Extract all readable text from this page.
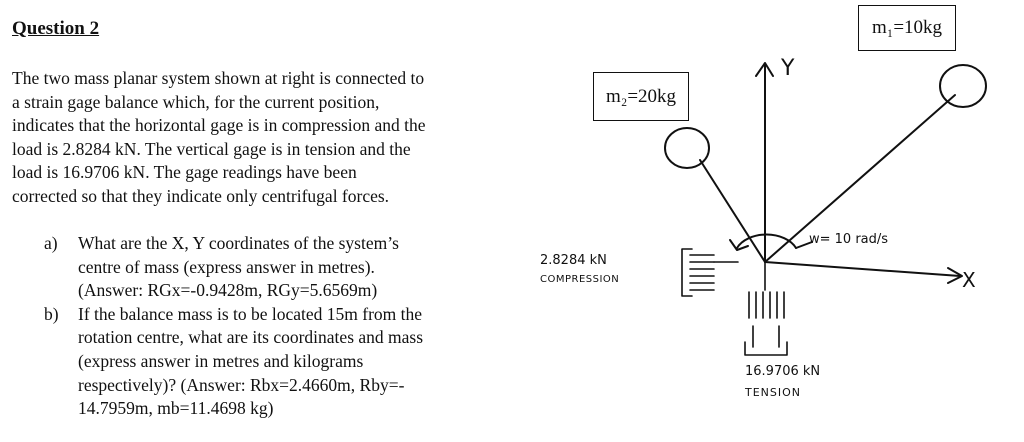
Question 2
The two mass planar system shown at right is connected to
a strain gage balance which, for the current position,
indicates that the horizontal gage is in compression and the
load is 2.8284 kN. The vertical gage is in tension and the
load is 16.9706 kN. The gage readings have been
corrected so that they indicate only centrifugal forces.
a)	What are the X, Y coordinates of the system’s
centre of mass (express answer in metres).
(Answer: RGx=-0.9428m, RGy=5.6569m)
b)	If the balance mass is to be located 15m from the
rotation centre, what are its coordinates and mass
(express answer in metres and kilograms
respectively)? (Answer: Rbx=2.4660m, Rby=-
14.7959m, mb=11.4698 kg)
m₂=20kg
m₁=10kg
Y
X
w= 10 rad/s
2.8284 kN
COMPRESSION
16.9706 kN
TENSION
